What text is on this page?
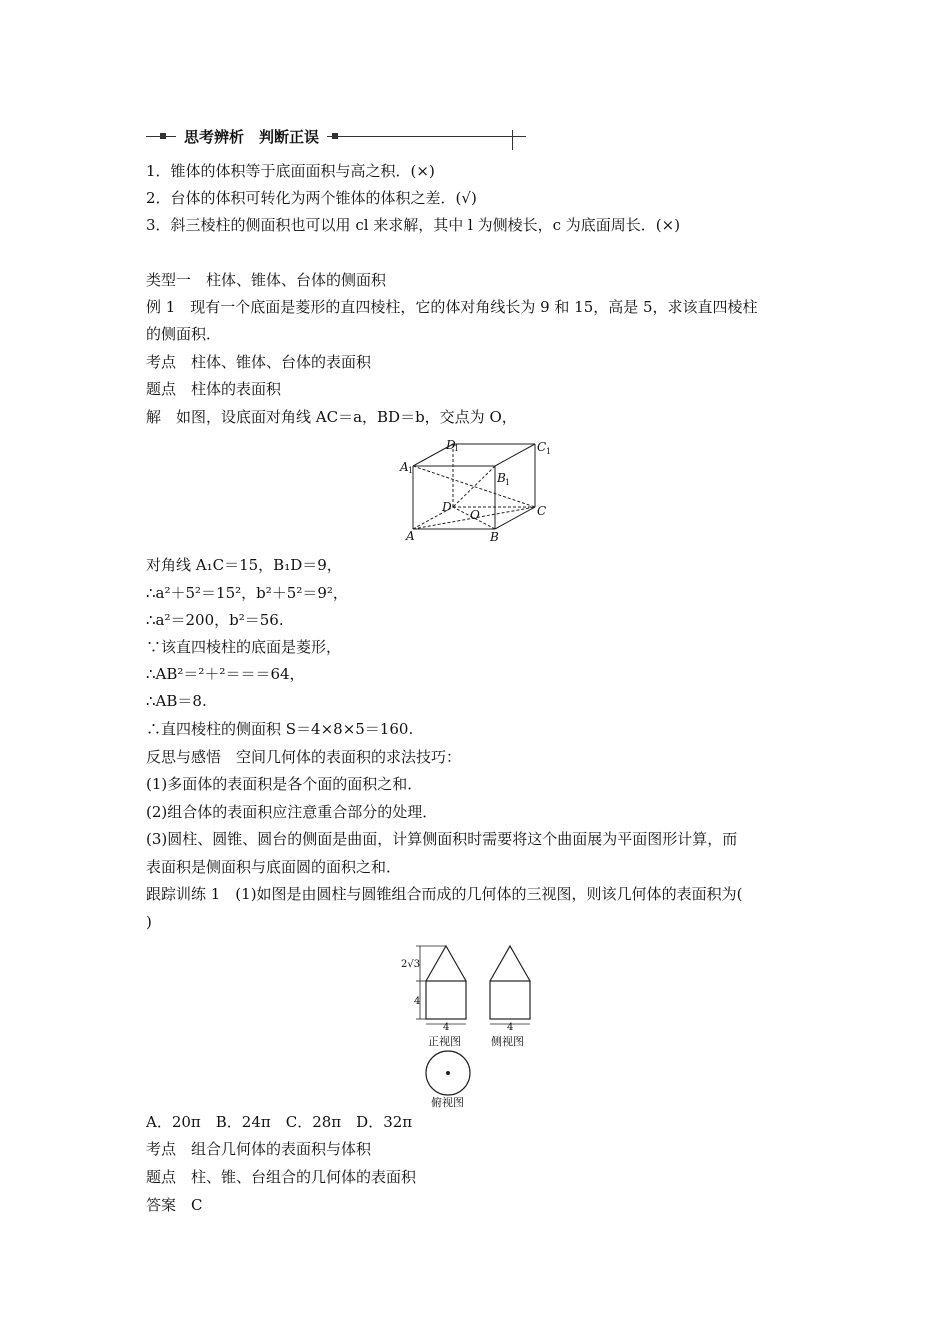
思考辨析　判断正误
1．锥体的体积等于底面面积与高之积．(×)
2．台体的体积可转化为两个锥体的体积之差．(√)
3．斜三棱柱的侧面积也可以用 cl 来求解，其中 l 为侧棱长，c 为底面周长．(×)
类型一　柱体、锥体、台体的侧面积
例 1　现有一个底面是菱形的直四棱柱，它的体对角线长为 9 和 15，高是 5，求该直四棱柱
的侧面积．
考点　柱体、锥体、台体的表面积
题点　柱体的表面积
解　如图，设底面对角线 AC＝a，BD＝b，交点为 O，
A 1
D
1	C 1
B 1
D
O	C
A	B
对角线 A₁C＝15，B₁D＝9，
∴a²＋5²＝15²，b²＋5²＝9²，
∴a²＝200，b²＝56.
∵该直四棱柱的底面是菱形，
∴AB²＝²＋²＝＝＝64，
∴AB＝8.
∴直四棱柱的侧面积 S＝4×8×5＝160.
反思与感悟　空间几何体的表面积的求法技巧：
(1)多面体的表面积是各个面的面积之和．
(2)组合体的表面积应注意重合部分的处理．
(3)圆柱、圆锥、圆台的侧面是曲面，计算侧面积时需要将这个曲面展为平面图形计算，而
表面积是侧面积与底面圆的面积之和．
跟踪训练 1　(1)如图是由圆柱与圆锥组合而成的几何体的三视图，则该几何体的表面积为(
)
2√3
4
4	4
正视图	侧视图
俯视图
A．20π　B．24π　C．28π　D．32π
考点　组合几何体的表面积与体积
题点　柱、锥、台组合的几何体的表面积
答案　C
